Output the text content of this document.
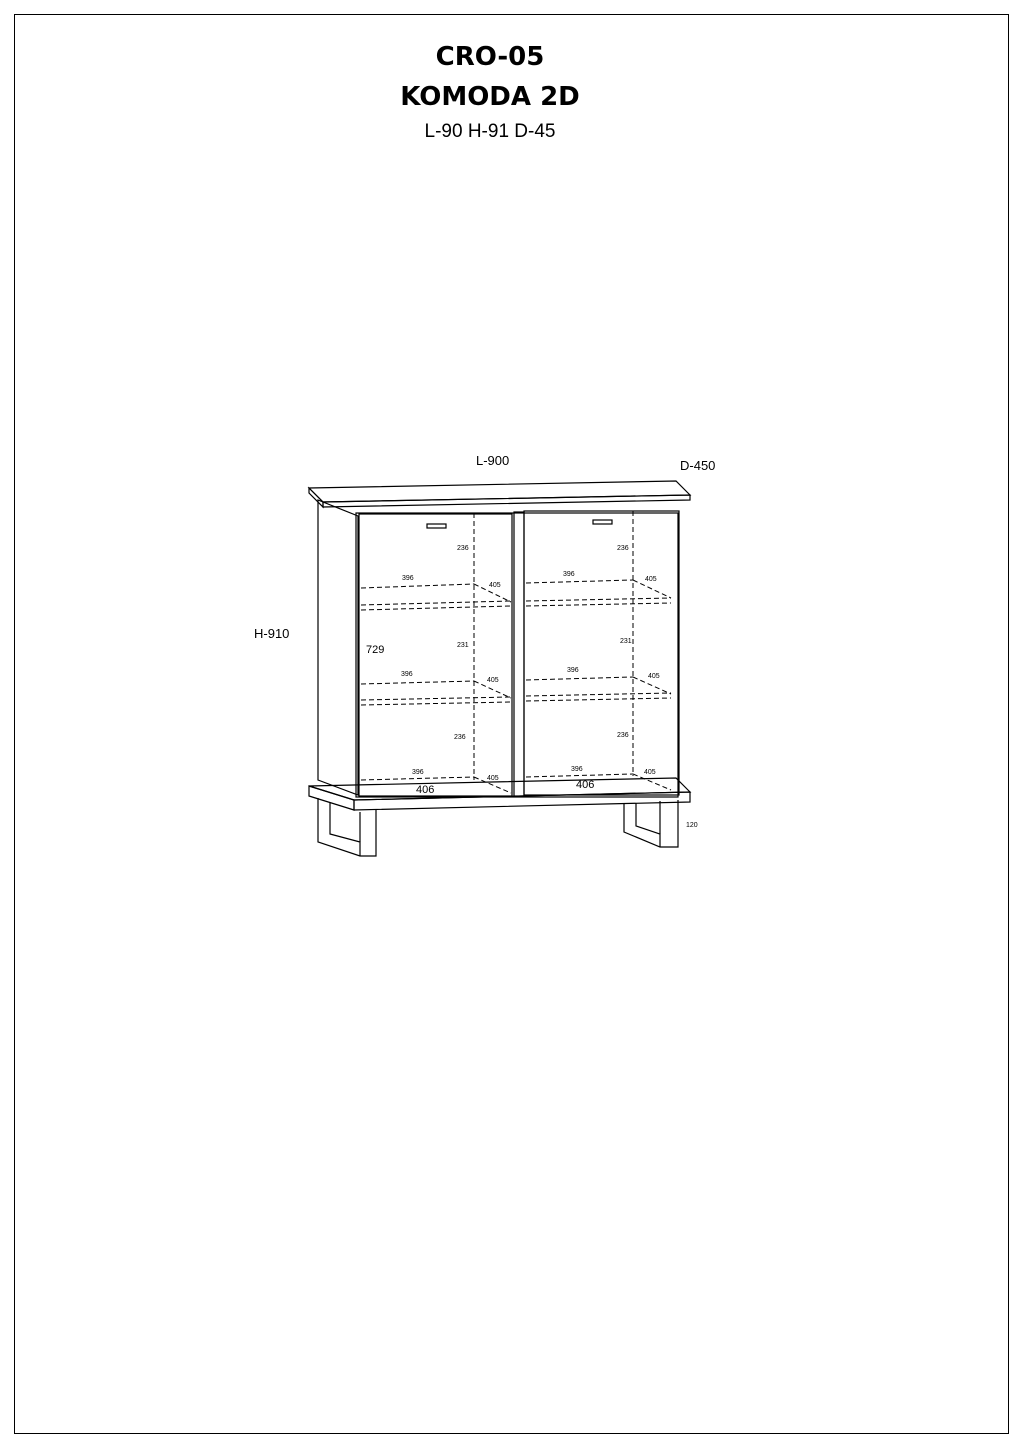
CRO-05
KOMODA 2D
L-90 H-91 D-45
L-900	D-450
H-910
729
120
236
396
405
231
396
405
236
396
405
406
236
396
405
231
396
405
236
396	405
406
